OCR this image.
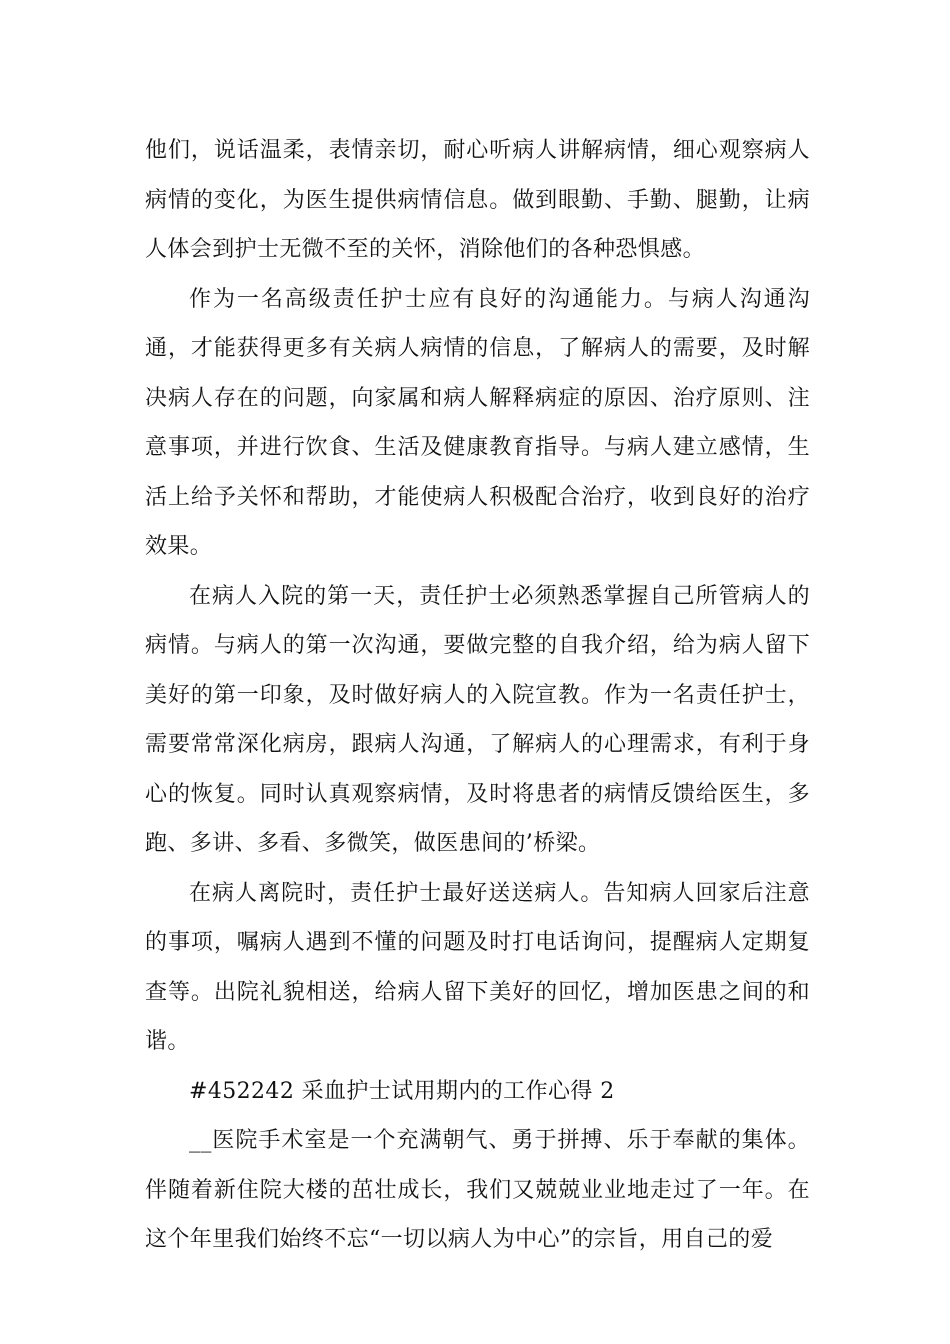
他们，说话温柔，表情亲切，耐心听病人讲解病情，细心观察病人病情的变化，为医生提供病情信息。做到眼勤、手勤、腿勤，让病人体会到护士无微不至的关怀，消除他们的各种恐惧感。

作为一名高级责任护士应有良好的沟通能力。与病人沟通沟通，才能获得更多有关病人病情的信息，了解病人的需要，及时解决病人存在的问题，向家属和病人解释病症的原因、治疗原则、注意事项，并进行饮食、生活及健康教育指导。与病人建立感情，生活上给予关怀和帮助，才能使病人积极配合治疗，收到良好的治疗效果。

在病人入院的第一天，责任护士必须熟悉掌握自己所管病人的病情。与病人的第一次沟通，要做完整的自我介绍，给为病人留下美好的第一印象，及时做好病人的入院宣教。作为一名责任护士，需要常常深化病房，跟病人沟通，了解病人的心理需求，有利于身心的恢复。同时认真观察病情，及时将患者的病情反馈给医生，多跑、多讲、多看、多微笑，做医患间的’桥梁。

在病人离院时，责任护士最好送送病人。告知病人回家后注意的事项，嘱病人遇到不懂的问题及时打电话询问，提醒病人定期复查等。出院礼貌相送，给病人留下美好的回忆，增加医患之间的和谐。

#452242 采血护士试用期内的工作心得 2

__医院手术室是一个充满朝气、勇于拼搏、乐于奉献的集体。伴随着新住院大楼的茁壮成长，我们又兢兢业业地走过了一年。在这个年里我们始终不忘“一切以病人为中心”的宗旨，用自己的爱
